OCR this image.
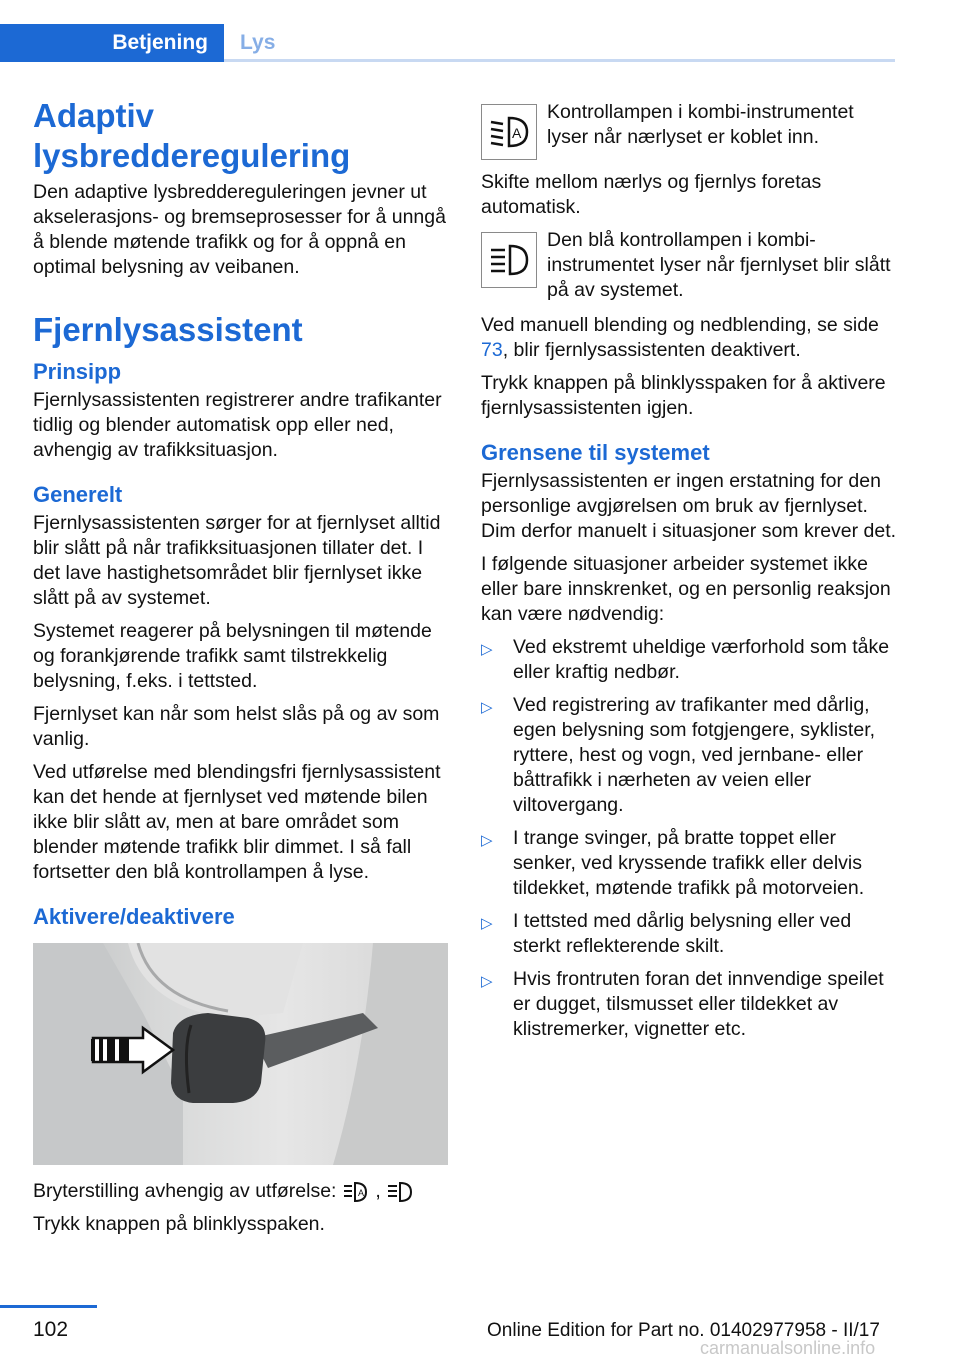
Betjening	Lys
Adaptiv lysbredderegulering

Den adaptive lysbreddereguleringen jevner ut akselerasjons- og bremseprosesser for å unngå å blende møtende trafikk og for å oppnå en optimal belysning av veibanen.

Fjernlysassistent
Prinsipp

Fjernlysassistenten registrerer andre trafikanter tidlig og blender automatisk opp eller ned, avhengig av trafikksituasjon.

Generelt

Fjernlysassistenten sørger for at fjernlyset alltid blir slått på når trafikksituasjonen tillater det. I det lave hastighetsområdet blir fjernlyset ikke slått på av systemet.

Systemet reagerer på belysningen til møtende og forankjørende trafikk samt tilstrekkelig belysning, f.eks. i tettsted.

Fjernlyset kan når som helst slås på og av som vanlig.

Ved utførelse med blendingsfri fjernlysassistent kan det hende at fjernlyset ved møtende bilen ikke blir slått av, men at bare området som blender møtende trafikk blir dimmet. I så fall fortsetter den blå kontrollampen å lyse.

Aktivere/deaktivere

Bryterstilling avhengig av utførelse: A ,

Trykk knappen på blinklysspaken.

A

Kontrollampen i kombi-instrumentet lyser når nærlyset er koblet inn.

Skifte mellom nærlys og fjernlys foretas automatisk.

Den blå kontrollampen i kombi-instrumentet lyser når fjernlyset blir slått på av systemet.

Ved manuell blending og nedblending, se side 73, blir fjernlysassistenten deaktivert.

Trykk knappen på blinklysspaken for å aktivere fjernlysassistenten igjen.

Grensene til systemet

Fjernlysassistenten er ingen erstatning for den personlige avgjørelsen om bruk av fjernlyset. Dim derfor manuelt i situasjoner som krever det.

I følgende situasjoner arbeider systemet ikke eller bare innskrenket, og en personlig reaksjon kan være nødvendig:

▷	Ved ekstremt uheldige værforhold som tåke eller kraftig nedbør.
▷	Ved registrering av trafikanter med dårlig, egen belysning som fotgjengere, syklister, ryttere, hest og vogn, ved jernbane- eller båttrafikk i nærheten av veien eller viltovergang.
▷	I trange svinger, på bratte toppet eller senker, ved kryssende trafikk eller delvis tildekket, møtende trafikk på motorveien.
▷	I tettsted med dårlig belysning eller ved sterkt reflekterende skilt.
▷	Hvis frontruten foran det innvendige speilet er dugget, tilsmusset eller tildekket av klistremerker, vignetter etc.
102	Online Edition for Part no. 01402977958 - II/17
carmanualsonline.info
